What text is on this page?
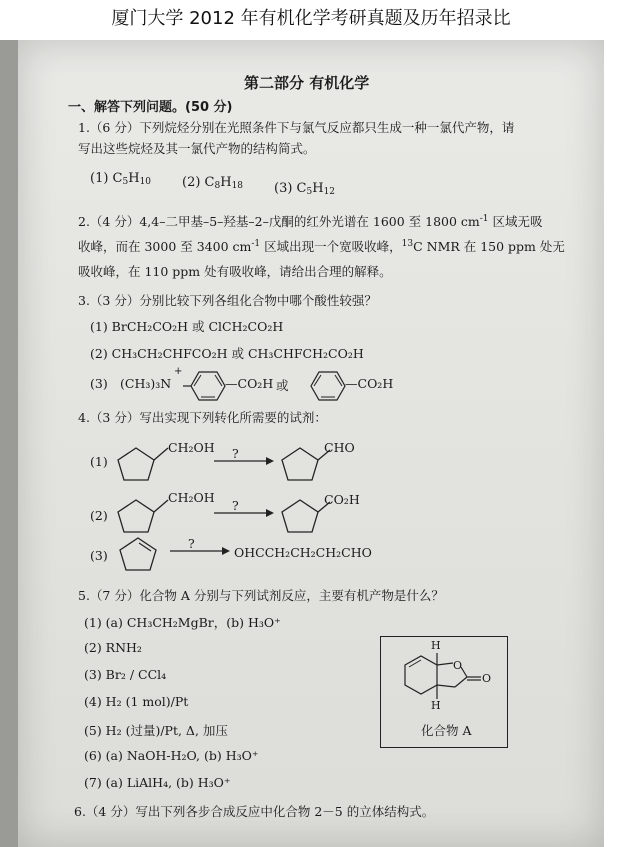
厦门大学 2012 年有机化学考研真题及历年招录比
第二部分 有机化学
一、解答下列问题。(50 分)
1.（6 分）下列烷烃分别在光照条件下与氯气反应都只生成一种一氯代产物，请
写出这些烷烃及其一氯代产物的结构简式。
(1) $C_5H_{10}$ (2) $C_8H_{18}$ (3) $C_5H_{12}$
2.（4 分）4,4–二甲基–5–羟基–2–戊酮的红外光谱在 1600 至 1800 $cm^{-1}$ 区域无吸
收峰，而在 3000 至 3400 $cm^{-1}$ 区域出现一个宽吸收峰，$^{13}$C NMR 在 150 ppm 处无
吸收峰，在 110 ppm 处有吸收峰，请给出合理的解释。
3.（3 分）分别比较下列各组化合物中哪个酸性较强？
(1) BrCH₂CO₂H 或 ClCH₂CO₂H
(2) CH₃CH₂CHFCO₂H 或 CH₃CHFCH₂CO₂H
(3) (CH₃)₃N
+
—CO₂H 或	—CO₂H
4.（3 分）写出实现下列转化所需要的试剂：
(1)
CH₂OH ?	CHO
(2)
CH₂OH
?	CO₂H
(3)
?
OHCCH₂CH₂CH₂CHO
5.（7 分）化合物 A 分别与下列试剂反应，主要有机产物是什么？
(1) (a) CH₃CH₂MgBr，(b) H₃O⁺
(2) RNH₂
(3) Br₂ / CCl₄
(4) H₂ (1 mol)/Pt
(5) H₂ (过量)/Pt, Δ, 加压
(6) (a) NaOH-H₂O, (b) H₃O⁺
(7) (a) LiAlH₄, (b) H₃O⁺
H
O
O
H
化合物 A
6.（4 分）写出下列各步合成反应中化合物 2－5 的立体结构式。
